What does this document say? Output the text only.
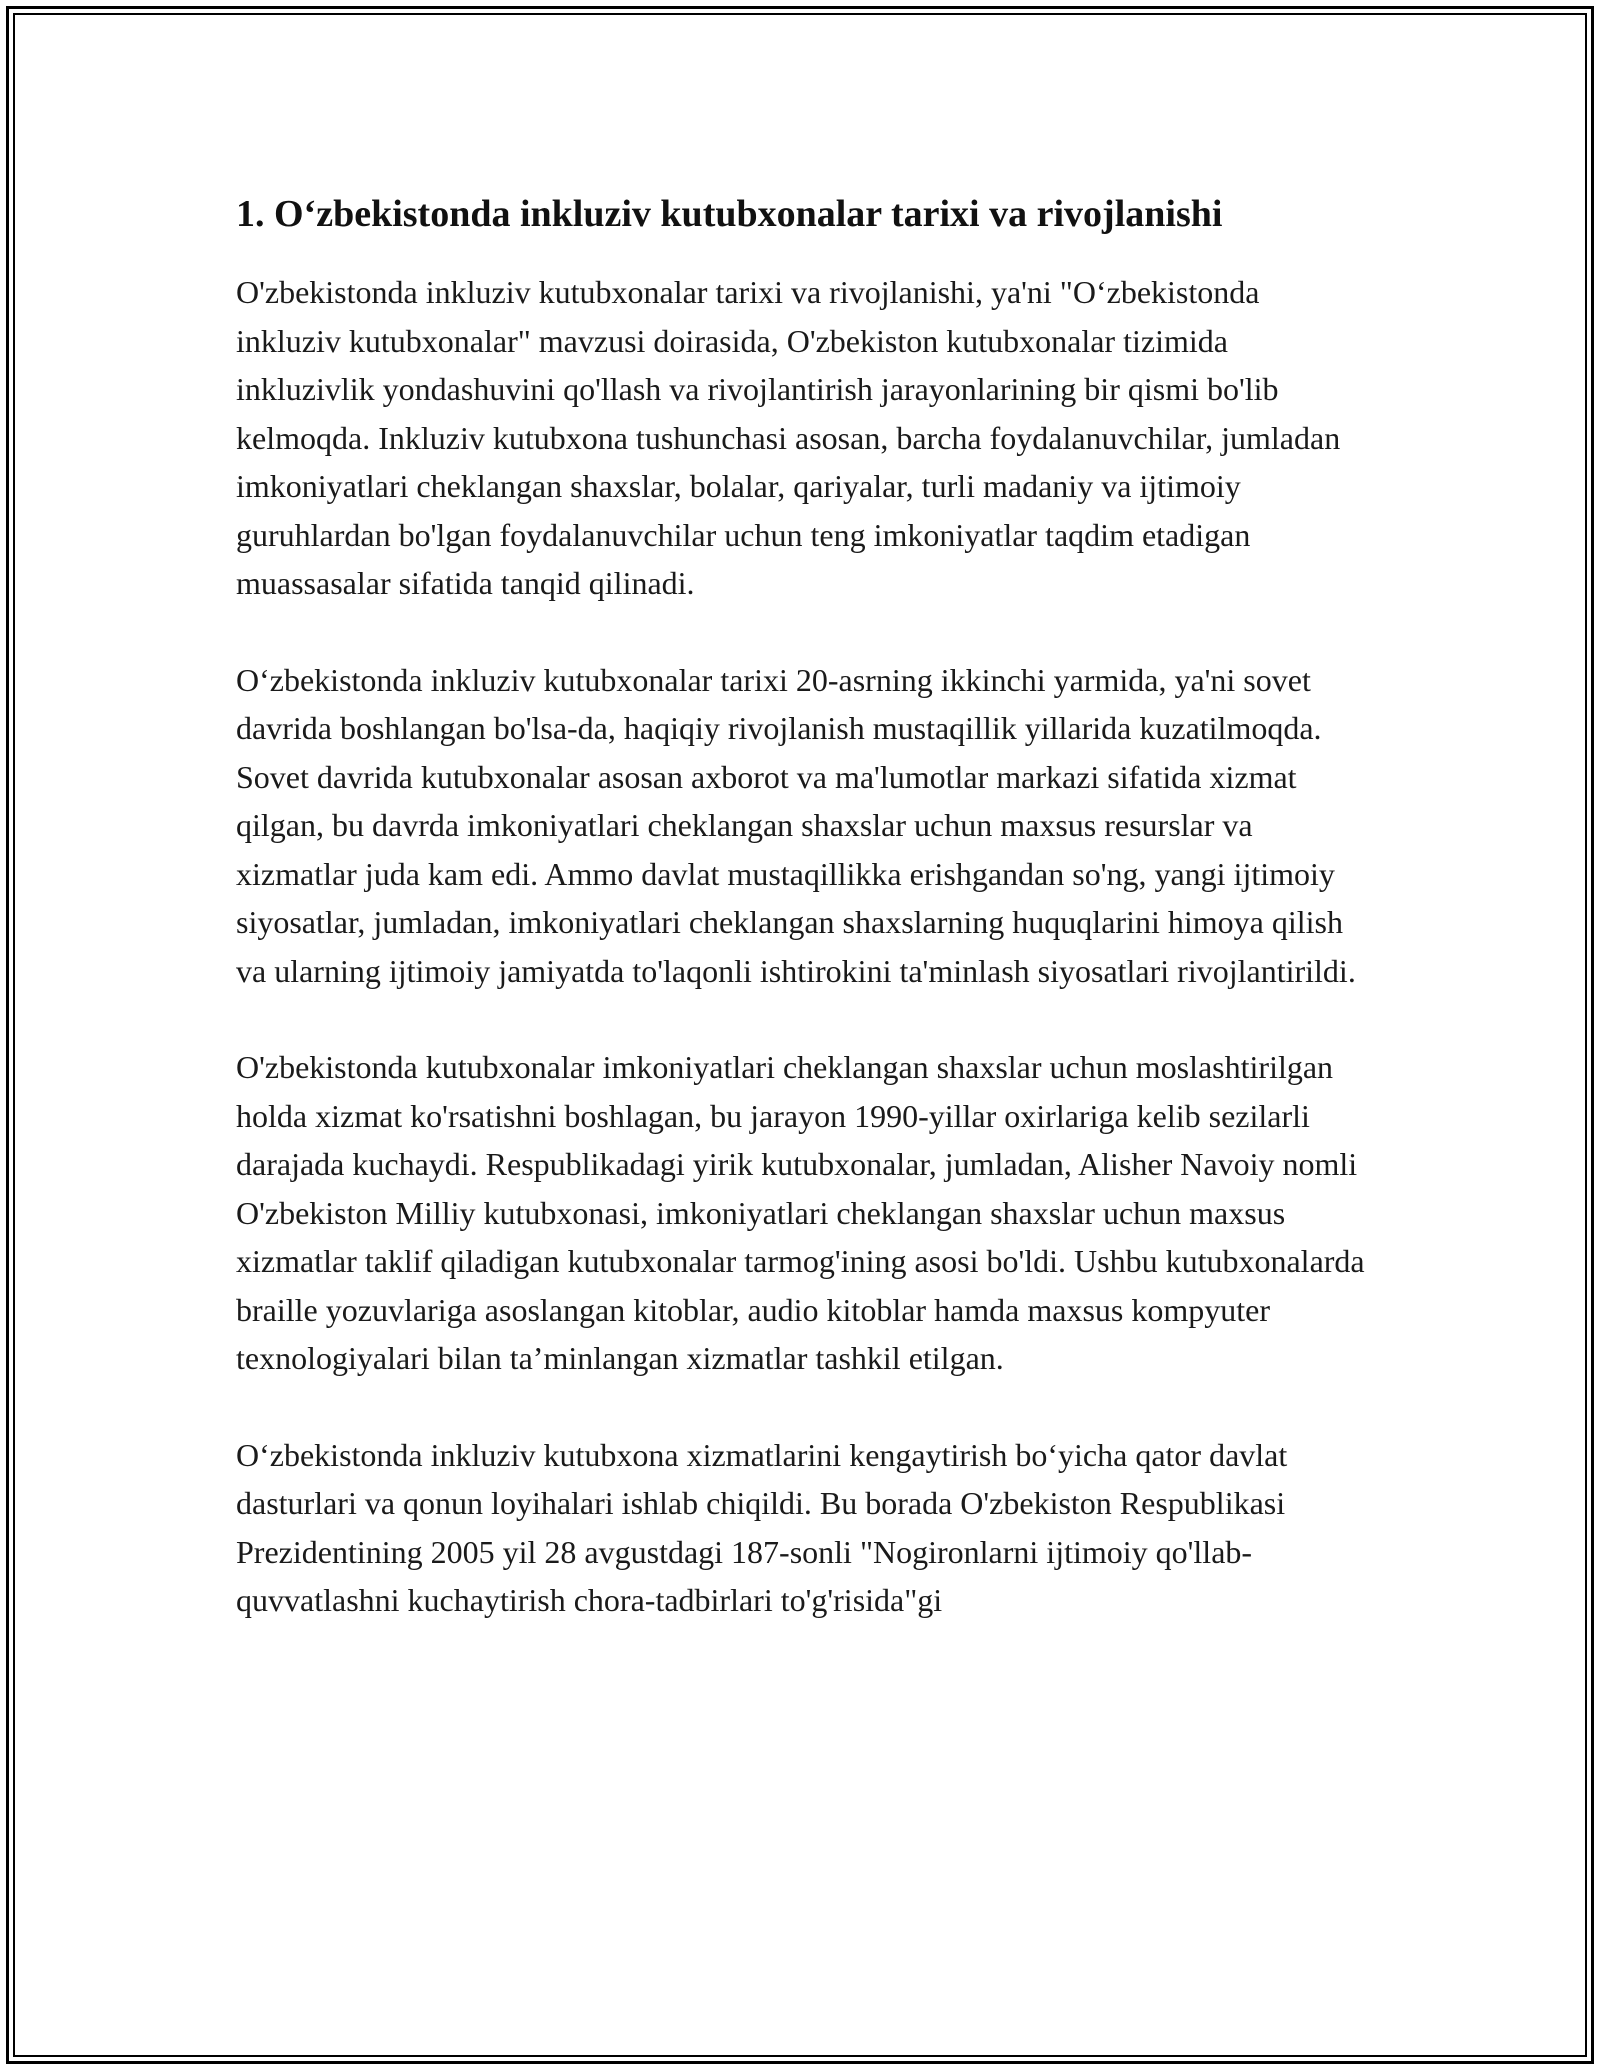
1. Oʻzbekistonda inkluziv kutubxonalar tarixi va rivojlanishi

O'zbekistonda inkluziv kutubxonalar tarixi va rivojlanishi, ya'ni "Oʻzbekistonda inkluziv kutubxonalar" mavzusi doirasida, O'zbekiston kutubxonalar tizimida inkluzivlik yondashuvini qo'llash va rivojlantirish jarayonlarining bir qismi bo'lib kelmoqda. Inkluziv kutubxona tushunchasi asosan, barcha foydalanuvchilar, jumladan imkoniyatlari cheklangan shaxslar, bolalar, qariyalar, turli madaniy va ijtimoiy guruhlardan bo'lgan foydalanuvchilar uchun teng imkoniyatlar taqdim etadigan muassasalar sifatida tanqid qilinadi.

Oʻzbekistonda inkluziv kutubxonalar tarixi 20-asrning ikkinchi yarmida, ya'ni sovet davrida boshlangan bo'lsa-da, haqiqiy rivojlanish mustaqillik yillarida kuzatilmoqda. Sovet davrida kutubxonalar asosan axborot va ma'lumotlar markazi sifatida xizmat qilgan, bu davrda imkoniyatlari cheklangan shaxslar uchun maxsus resurslar va xizmatlar juda kam edi. Ammo davlat mustaqillikka erishgandan so'ng, yangi ijtimoiy siyosatlar, jumladan, imkoniyatlari cheklangan shaxslarning huquqlarini himoya qilish va ularning ijtimoiy jamiyatda to'laqonli ishtirokini ta'minlash siyosatlari rivojlantirildi.

O'zbekistonda kutubxonalar imkoniyatlari cheklangan shaxslar uchun moslashtirilgan holda xizmat ko'rsatishni boshlagan, bu jarayon 1990-yillar oxirlariga kelib sezilarli darajada kuchaydi. Respublikadagi yirik kutubxonalar, jumladan, Alisher Navoiy nomli O'zbekiston Milliy kutubxonasi, imkoniyatlari cheklangan shaxslar uchun maxsus xizmatlar taklif qiladigan kutubxonalar tarmog'ining asosi bo'ldi. Ushbu kutubxonalarda braille yozuvlariga asoslangan kitoblar, audio kitoblar hamda maxsus kompyuter texnologiyalari bilan ta’minlangan xizmatlar tashkil etilgan.

Oʻzbekistonda inkluziv kutubxona xizmatlarini kengaytirish boʻyicha qator davlat dasturlari va qonun loyihalari ishlab chiqildi. Bu borada O'zbekiston Respublikasi Prezidentining 2005 yil 28 avgustdagi 187-sonli "Nogironlarni ijtimoiy qo'llab-quvvatlashni kuchaytirish chora-tadbirlari to'g'risida"gi
